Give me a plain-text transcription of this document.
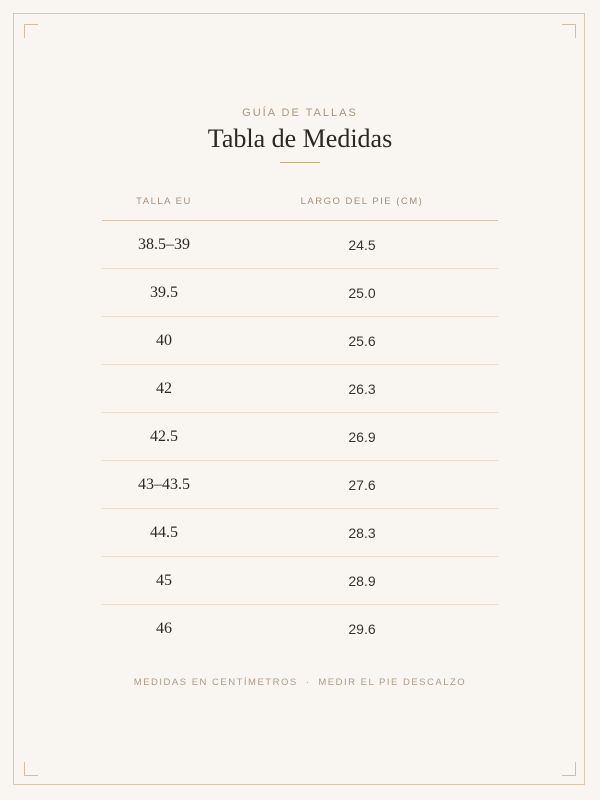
GUÍA DE TALLAS
Tabla de Medidas
TALLA EU	LARGO DEL PIE (CM)
38.5–39	24.5
39.5	25.0
40	25.6
42	26.3
42.5	26.9
43–43.5	27.6
44.5	28.3
45	28.9
46	29.6
MEDIDAS EN CENTÍMETROS · MEDIR EL PIE DESCALZO
